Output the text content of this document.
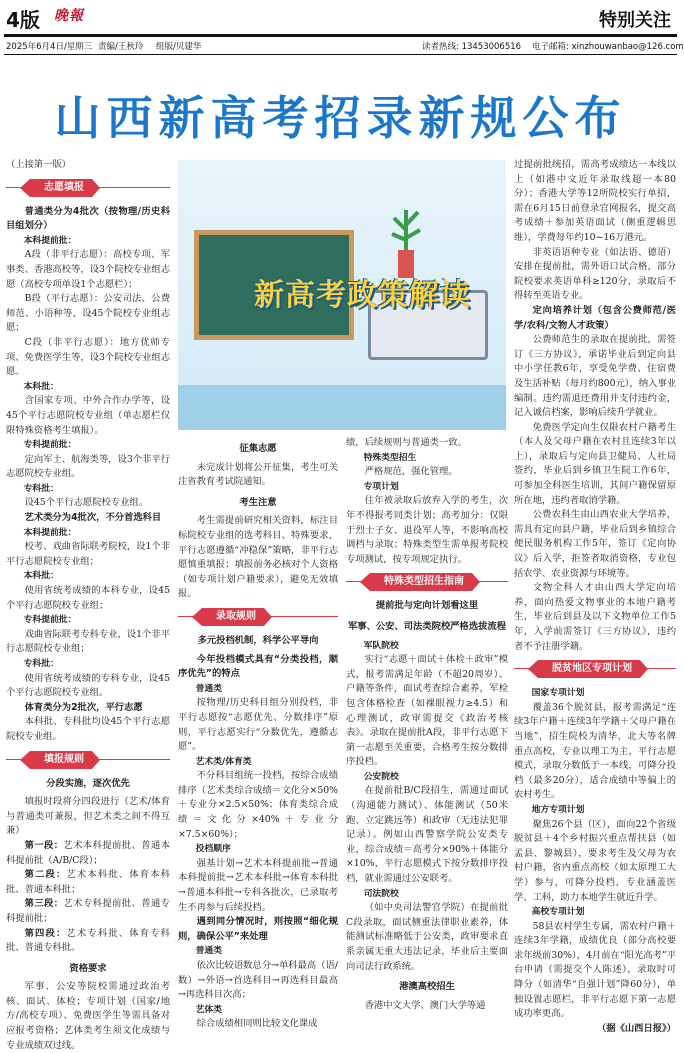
4版 晚報	特别关注
2025年6月4日/星期三 责编/王秋玲 组版/贝建华	读者热线: 13453006516 电子邮箱: xinzhouwanbao@126.com
山西新高考招录新规公布

（上接第一版）

志愿填报

普通类分为4批次（按物理/历史科目组划分）

本科提前批：

A段（非平行志愿）：高校专项、军事类、香港高校等，设3个院校专业组志愿（高校专项单设1个志愿栏）；

B段（平行志愿）：公安司法、公费师范、小语种等，设45个院校专业组志愿；

C段（非平行志愿）：地方优师专项、免费医学生等，设3个院校专业组志愿。

本科批：

含国家专项、中外合作办学等，设45个平行志愿院校专业组（单志愿栏仅限特殊资格考生填报）。

专科提前批：

定向军士、航海类等，设3个非平行志愿院校专业组。

专科批：

设45个平行志愿院校专业组。

艺术类分为4批次，不分首选科目

本科提前批：

校考、戏曲省际联考院校，设1个非平行志愿院校专业组；

本科批：

使用省统考成绩的本科专业，设45个平行志愿院校专业组；

专科提前批：

戏曲省际联考专科专业，设1个非平行志愿院校专业组；

专科批：

使用省统考成绩的专科专业，设45个平行志愿院校专业组。

体育类分为2批次，平行志愿

本科批、专科批均设45个平行志愿院校专业组。

填报规则

分段实施，逐次优先

填报时段将分四段进行（艺术/体育与普通类可兼报，但艺术类之间不得互兼）

第一段：艺术本科提前批、普通本科提前批（A/B/C段）；

第二段：艺术本科批、体育本科批、普通本科批；

第三段：艺术专科提前批、普通专科提前批；

第四段：艺术专科批、体育专科批、普通专科批。

资格要求

军事、公安等院校需通过政治考核、面试、体检；专项计划（国家/地方/高校专项）、免费医学生等需具备对应报考资格；艺体类考生须文化成绩与专业成绩双过线。

新高考政策解读

征集志愿

未完成计划将公开征集，考生可关注省教育考试院通知。

考生注意

考生需提前研究相关资料，标注目标院校专业组的选考科目、特殊要求，平行志愿遵循“冲稳保”策略，非平行志愿慎重填报；填报前务必核对个人资格（如专项计划户籍要求），避免无效填报。

录取规则

多元投档机制，科学公平导向

今年投档模式具有“分类投档，顺序优先”的特点

普通类

按物理/历史科目组分别投档，非平行志愿按“志愿优先、分数排序”原则，平行志愿实行“分数优先，遵循志愿”。

艺术类/体育类

不分科目组统一投档，按综合成绩排序（艺术类综合成绩＝文化分×50%＋专业分×2.5×50%；体育类综合成绩＝文化分×40%＋专业分×7.5×60%）；

投档顺序

强基计划→艺术本科提前批→普通本科提前批→艺术本科批→体育本科批→普通本科批→专科各批次，已录取考生不再参与后续投档。

遇到同分情况时，则按照“细化规则，确保公平”来处理

普通类

依次比较语数总分→单科最高（语/数）→外语→首选科目→再选科目最高→再选科目次高；

艺体类

综合成绩相同则比较文化课成

绩，后续规则与普通类一致。

特殊类型招生

严格规范，强化管理。

专项计划

往年被录取后放弃入学的考生，次年不得报考同类计划；高考加分：仅限于烈士子女、退役军人等，不影响高校调档与录取；特殊类型生需单报考院校专项测试，按专项规定执行。

特殊类型招生指南

提前批与定向计划看这里

军事、公安、司法类院校严格选拔流程

军队院校

实行“志愿＋面试＋体检＋政审”模式，报考需满足年龄（不超20周岁）、户籍等条件，面试考查综合素养，军检包含体格检查（如裸眼视力≥4.5）和心理测试，政审需提交《政治考核表》。录取在提前批A段，非平行志愿下第一志愿至关重要，合格考生按分数排序投档。

公安院校

在提前批B/C段招生，需通过面试（沟通能力测试）、体能测试（50米跑、立定跳远等）和政审（无违法犯罪记录）。例如山西警察学院公安类专业，综合成绩＝高考分×90%＋体能分×10%，平行志愿模式下按分数排序投档，就业需通过公安联考。

司法院校

（如中央司法警官学院）在提前批C段录取，面试侧重法律职业素养，体能测试标准略低于公安类，政审要求直系亲属无重大违法记录，毕业后主要面向司法行政系统。

港澳高校招生

香港中文大学、澳门大学等通

过提前批统招，需高考成绩达一本线以上（如港中文近年录取线超一本80分）；香港大学等12所院校实行单招，需在6月15日前登录官网报名，提交高考成绩＋参加英语面试（侧重逻辑思维），学费每年约10~16万港元。

非英语语种专业（如法语、德语）安排在提前批，需外语口试合格，部分院校要求英语单科≥120分，录取后不得转至英语专业。

定向培养计划（包含公费师范/医学/农科/文物人才政策）

公费师范生的录取在提前批，需签订《三方协议》，承诺毕业后到定向县中小学任教6年，享受免学费、住宿费及生活补贴（每月约800元），纳入事业编制。违约需退还费用并支付违约金，记入诚信档案，影响后续升学就业。

免费医学定向生仅限农村户籍考生（本人及父母户籍在农村且连续3年以上），录取后与定向县卫健局、人社局签约，毕业后到乡镇卫生院工作6年，可参加全科医生培训，其间户籍保留原所在地，违约者取消学籍。

公费农科生由山西农业大学培养，需具有定向县户籍，毕业后到乡镇综合便民服务机构工作5年，签订《定向协议》后入学，拒签者取消资格，专业包括农学、农业资源与环境等。

文物全科人才由山西大学定向培养，面向热爱文物事业的本地户籍考生，毕业后到县及以下文物单位工作5年，入学前需签订《三方协议》，违约者不予注册学籍。

脱贫地区专项计划

国家专项计划

覆盖36个脱贫县，报考需满足“连续3年户籍＋连续3年学籍＋父母户籍在当地”，招生院校为清华、北大等名牌重点高校，专业以理工为主，平行志愿模式，录取分数低于一本线，可降分投档（最多20分），适合成绩中等偏上的农村考生。

地方专项计划

聚焦26个县（区），面向22个省级脱贫县＋4个乡村振兴重点帮扶县（如孟县、黎城县），要求考生及父母为农村户籍，省内重点高校（如太原理工大学）参与，可降分投档，专业涵盖医学、工科，助力本地学生就近升学。

高校专项计划

58县农村学生专属，需农村户籍＋连续3年学籍，成绩优良（部分高校要求年级前30%），4月前在“阳光高考”平台申请（需提交个人陈述），录取时可降分（如清华“自强计划”降60分），单独设置志愿栏，非平行志愿下第一志愿成功率更高。

（据《山西日报》）
